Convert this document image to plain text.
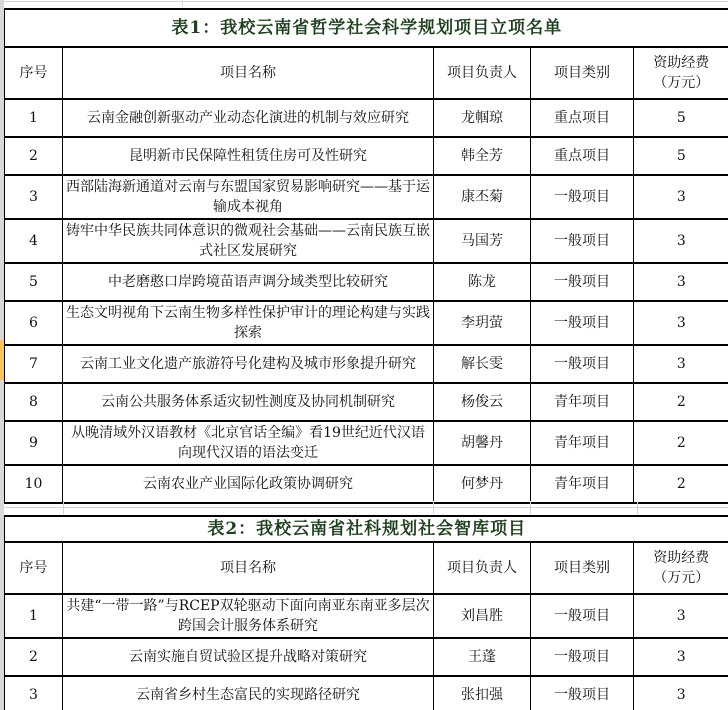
表1：我校云南省哲学社会科学规划项目立项名单				
序号	项目名称	项目负责人	项目类别	资助经费
（万元）

1	云南金融创新驱动产业动态化演进的机制与效应研究	龙帼琼	重点项目	5
2	昆明新市民保障性租赁住房可及性研究	韩全芳	重点项目	5
3	西部陆海新通道对云南与东盟国家贸易影响研究——基于运输成本视角	康丕菊	一般项目	3
4	铸牢中华民族共同体意识的微观社会基础——云南民族互嵌式社区发展研究	马国芳	一般项目	3
5	中老磨憨口岸跨境苗语声调分域类型比较研究	陈龙	一般项目	3
6	生态文明视角下云南生物多样性保护审计的理论构建与实践探索	李玥萤	一般项目	3
7	云南工业文化遗产旅游符号化建构及城市形象提升研究	解长雯	一般项目	3
8	云南公共服务体系适灾韧性测度及协同机制研究	杨俊云	青年项目	2
9	从晚清域外汉语教材《北京官话全编》看19世纪近代汉语向现代汉语的语法变迁	胡馨丹	青年项目	2
10	云南农业产业国际化政策协调研究	何梦丹	青年项目	2
表2：我校云南省社科规划社会智库项目				
序号	项目名称	项目负责人	项目类别	资助经费
（万元）

1	共建“一带一路”与RCEP双轮驱动下面向南亚东南亚多层次跨国会计服务体系研究	刘昌胜	一般项目	3
2	云南实施自贸试验区提升战略对策研究	王蓬	一般项目	3
3	云南省乡村生态富民的实现路径研究	张扣强	一般项目	3
